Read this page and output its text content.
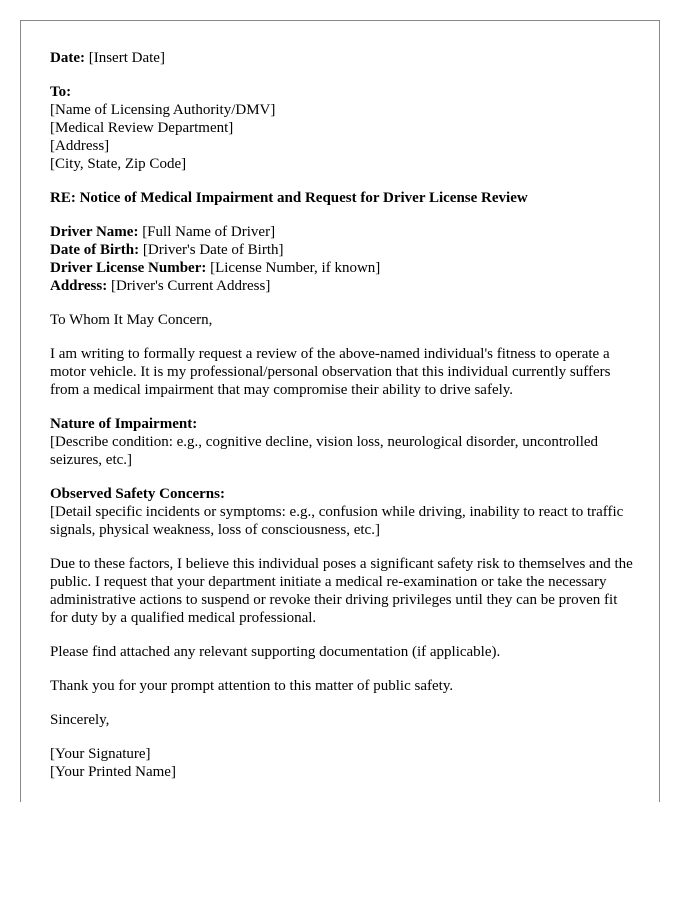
Date: [Insert Date]
To:
[Name of Licensing Authority/DMV]
[Medical Review Department]
[Address]
[City, State, Zip Code]
RE: Notice of Medical Impairment and Request for Driver License Review
Driver Name: [Full Name of Driver]
Date of Birth: [Driver's Date of Birth]
Driver License Number: [License Number, if known]
Address: [Driver's Current Address]
To Whom It May Concern,

I am writing to formally request a review of the above-named individual's fitness to operate a motor vehicle. It is my professional/personal observation that this individual currently suffers from a medical impairment that may compromise their ability to drive safely.

Nature of Impairment:

[Describe condition: e.g., cognitive decline, vision loss, neurological disorder, uncontrolled seizures, etc.]

Observed Safety Concerns:

[Detail specific incidents or symptoms: e.g., confusion while driving, inability to react to traffic signals, physical weakness, loss of consciousness, etc.]

Due to these factors, I believe this individual poses a significant safety risk to themselves and the public. I request that your department initiate a medical re-examination or take the necessary administrative actions to suspend or revoke their driving privileges until they can be proven fit for duty by a qualified medical professional.

Please find attached any relevant supporting documentation (if applicable).

Thank you for your prompt attention to this matter of public safety.

Sincerely,
[Your Signature]
[Your Printed Name]
